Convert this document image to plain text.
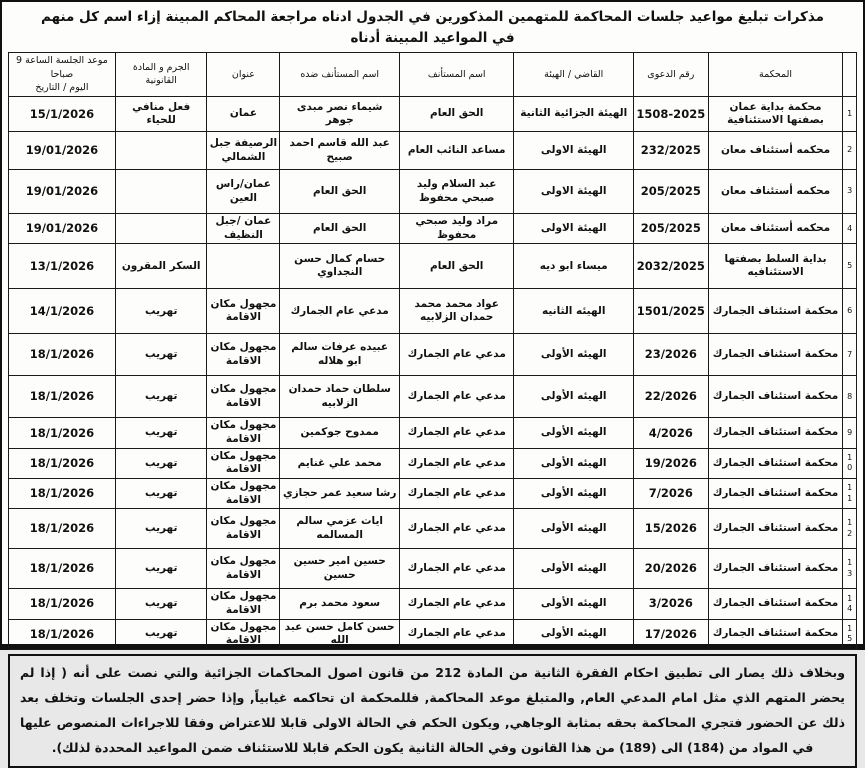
مذكرات تبليغ مواعيد جلسات المحاكمة للمتهمين المذكورين في الجدول ادناه مراجعة المحاكم المبينة إزاء اسم كل منهم في المواعيد المبينة أدناه
	المحكمة	رقم الدعوى	القاضي / الهيئة	اسم المستأنف	اسم المستأنف ضده	عنوان	الجرم و المادة
القانونية	موعد الجلسة الساعة 9
صباحا
اليوم / التاريخ

1	محكمة بداية عمان بصفتها الاستئنافية	1508-2025	الهيئة الجزائية الثانية	الحق العام	شيماء نصر مبدى جوهر	عمان	فعل منافي للحياء	15/1/2026
2	محكمه أستئناف معان	232/2025	الهيئة الاولى	مساعد النائب العام	عبد الله قاسم احمد صبيح	الرصيفة جبل الشمالي		19/01/2026
3	محكمه أستئناف معان	205/2025	الهيئة الاولى	عبد السلام وليد صبحي محفوظ	الحق العام	عمان/راس العين		19/01/2026
4	محكمه أستئناف معان	205/2025	الهيئة الاولى	مراد وليد صبحي محفوظ	الحق العام	عمان /جبل النظيف		19/01/2026
5	بداية السلط بصفتها الاستئنافيه	2032/2025	ميساء ابو ديه	الحق العام	حسام كمال حسن النجداوي		السكر المقرون	13/1/2026
6	محكمة استئناف الجمارك	1501/2025	الهيئه الثانيه	عواد محمد محمد حمدان الزلابيه	مدعي عام الجمارك	مجهول مكان الاقامة	تهريب	14/1/2026
7	محكمة استئناف الجمارك	23/2026	الهيئه الأولى	مدعي عام الجمارك	عبيده عرفات سالم ابو هلاله	مجهول مكان الاقامة	تهريب	18/1/2026
8	محكمة استئناف الجمارك	22/2026	الهيئه الأولى	مدعي عام الجمارك	سلطان حماد حمدان الزلابيه	مجهول مكان الاقامة	تهريب	18/1/2026
9	محكمة استئناف الجمارك	4/2026	الهيئه الأولى	مدعي عام الجمارك	ممدوح جوكمين	مجهول مكان الاقامة	تهريب	18/1/2026
10	محكمة استئناف الجمارك	19/2026	الهيئه الأولى	مدعي عام الجمارك	محمد علي غنايم	مجهول مكان الاقامة	تهريب	18/1/2026
11	محكمة استئناف الجمارك	7/2026	الهيئه الأولى	مدعي عام الجمارك	رشا سعيد عمر حجازي	مجهول مكان الاقامة	تهريب	18/1/2026
12	محكمة استئناف الجمارك	15/2026	الهيئه الأولى	مدعي عام الجمارك	ايات عزمي سالم المسالمه	مجهول مكان الاقامة	تهريب	18/1/2026
13	محكمة استئناف الجمارك	20/2026	الهيئه الأولى	مدعي عام الجمارك	حسين امير حسين حسين	مجهول مكان الاقامة	تهريب	18/1/2026
14	محكمة استئناف الجمارك	3/2026	الهيئه الأولى	مدعي عام الجمارك	سعود محمد برم	مجهول مكان الاقامة	تهريب	18/1/2026
15	محكمة استئناف الجمارك	17/2026	الهيئه الأولى	مدعي عام الجمارك	حسن كامل حسن عبد الله	مجهول مكان الاقامة	تهريب	18/1/2026
وبخلاف ذلك يصار الى تطبيق احكام الفقرة الثانية من المادة 212 من قانون اصول المحاكمات الجزائية والتي نصت على أنه ( إذا لم يحضر المتهم الذي مثل امام المدعي العام, والمتبلغ موعد المحاكمة, فللمحكمة ان تحاكمه غيابياً, وإذا حضر إحدى الجلسات وتخلف بعد ذلك عن الحضور فتجري المحاكمة بحقه بمثابة الوجاهي, ويكون الحكم في الحالة الاولى قابلا للاعتراض وفقا للاجراءات المنصوص عليها في المواد من (184) الى (189) من هذا القانون وفي الحالة الثانية يكون الحكم قابلا للاستئناف ضمن المواعيد المحددة لذلك).
